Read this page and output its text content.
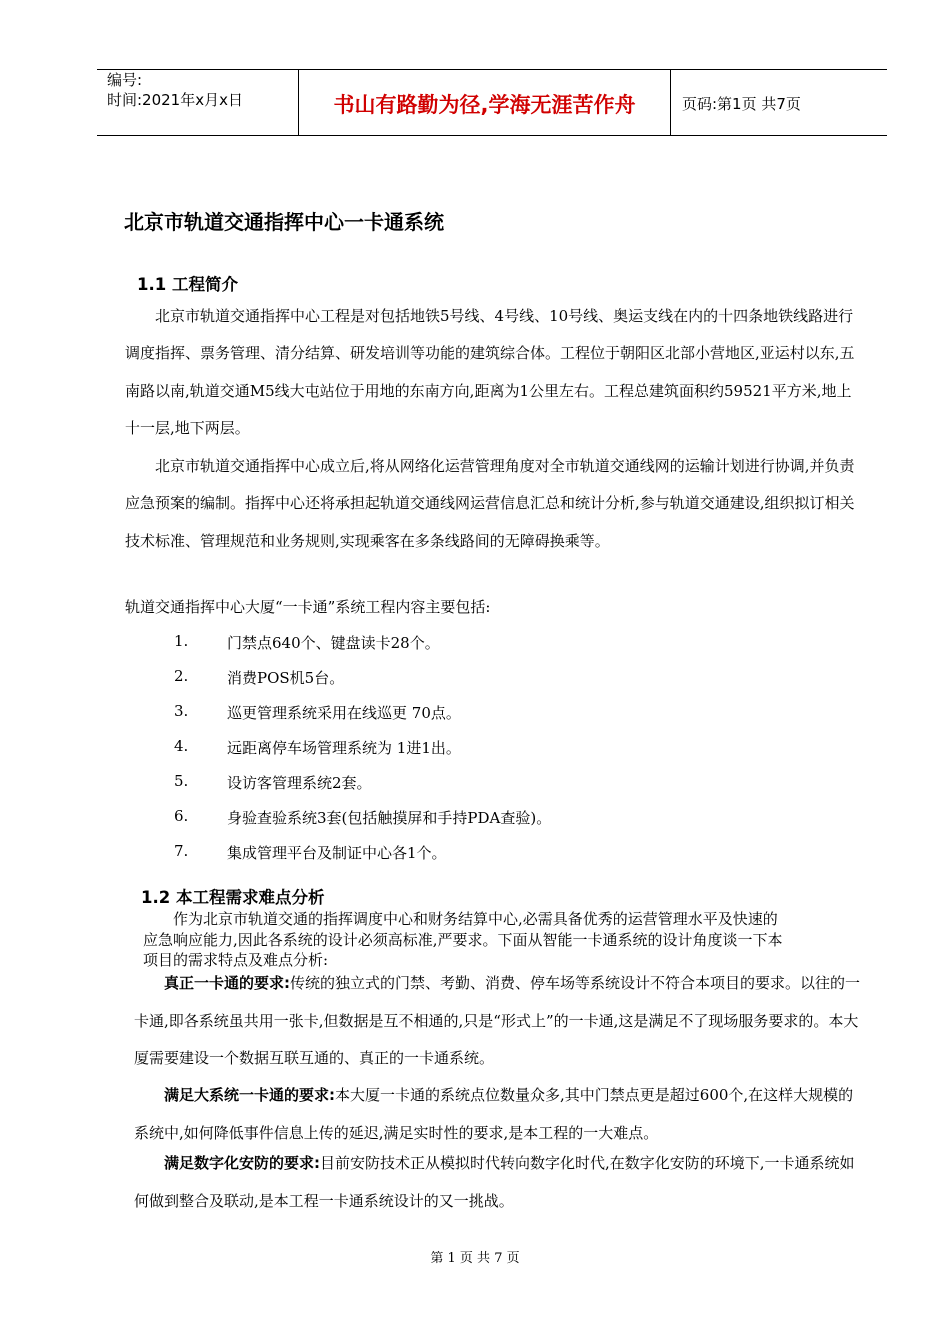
编号:
时间:2021年x月x日	书山有路勤为径,学海无涯苦作舟	页码:第1页 共7页
北京市轨道交通指挥中心一卡通系统
1.1 工程简介

北京市轨道交通指挥中心工程是对包括地铁5号线、4号线、10号线、奥运支线在内的十四条地铁线路进行调度指挥、票务管理、清分结算、研发培训等功能的建筑综合体。工程位于朝阳区北部小营地区,亚运村以东,五南路以南,轨道交通M5线大屯站位于用地的东南方向,距离为1公里左右。工程总建筑面积约59521平方米,地上十一层,地下两层。

北京市轨道交通指挥中心成立后,将从网络化运营管理角度对全市轨道交通线网的运输计划进行协调,并负责应急预案的编制。指挥中心还将承担起轨道交通线网运营信息汇总和统计分析,参与轨道交通建设,组织拟订相关技术标准、管理规范和业务规则,实现乘客在多条线路间的无障碍换乘等。

轨道交通指挥中心大厦“一卡通”系统工程内容主要包括:
1.	门禁点640个、键盘读卡28个。
2.	消费POS机5台。
3.	巡更管理系统采用在线巡更 70点。
4.	远距离停车场管理系统为 1进1出。
5.	设访客管理系统2套。
6.	身验查验系统3套(包括触摸屏和手持PDA查验)。
7.	集成管理平台及制证中心各1个。
1.2 本工程需求难点分析

作为北京市轨道交通的指挥调度中心和财务结算中心,必需具备优秀的运营管理水平及快速的应急响应能力,因此各系统的设计必须高标准,严要求。下面从智能一卡通系统的设计角度谈一下本项目的需求特点及难点分析:

真正一卡通的要求:传统的独立式的门禁、考勤、消费、停车场等系统设计不符合本项目的要求。以往的一卡通,即各系统虽共用一张卡,但数据是互不相通的,只是“形式上”的一卡通,这是满足不了现场服务要求的。本大厦需要建设一个数据互联互通的、真正的一卡通系统。

满足大系统一卡通的要求:本大厦一卡通的系统点位数量众多,其中门禁点更是超过600个,在这样大规模的系统中,如何降低事件信息上传的延迟,满足实时性的要求,是本工程的一大难点。

满足数字化安防的要求:目前安防技术正从模拟时代转向数字化时代,在数字化安防的环境下,一卡通系统如何做到整合及联动,是本工程一卡通系统设计的又一挑战。

第 1 页 共 7 页
